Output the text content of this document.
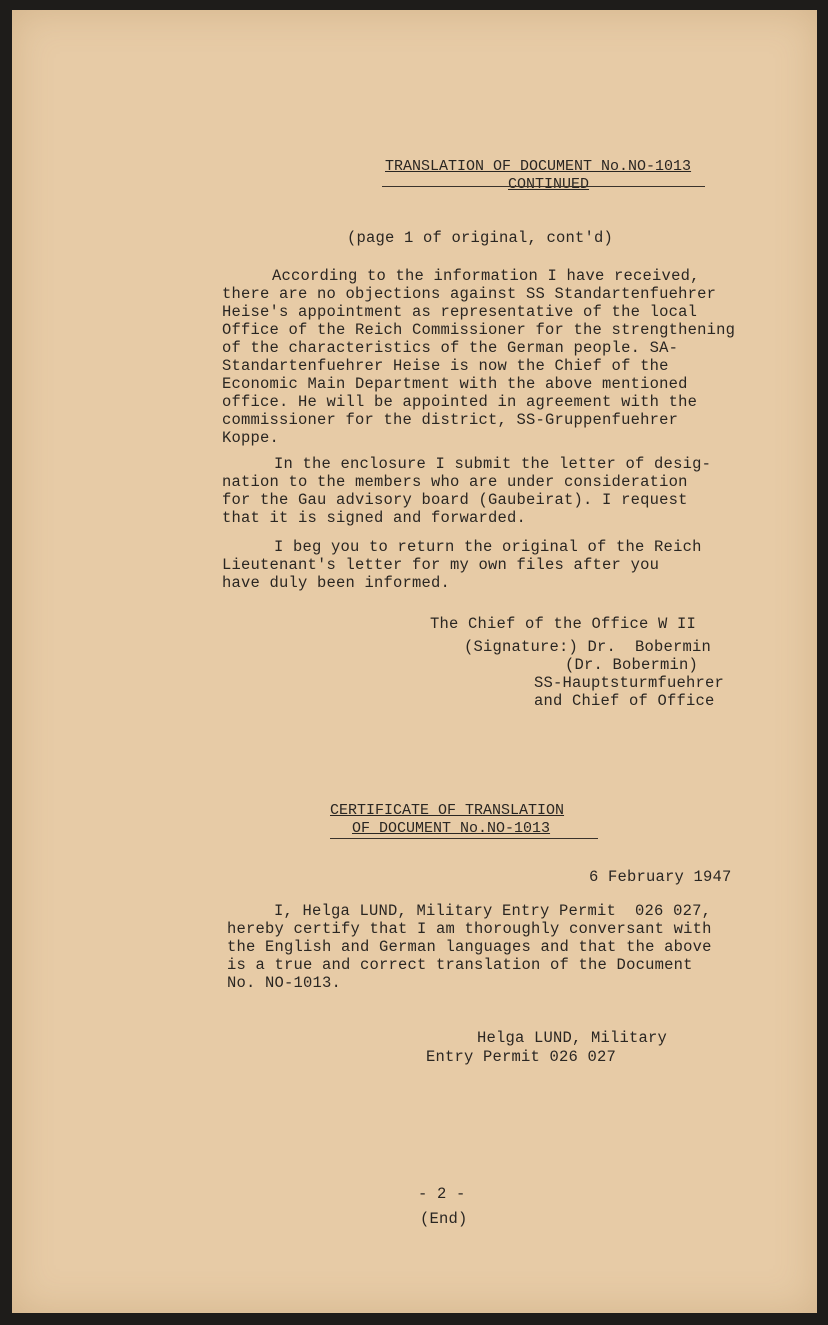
TRANSLATION OF DOCUMENT No.NO-1013
CONTINUED
(page 1 of original, cont'd)
According to the information I have received,
there are no objections against SS Standartenfuehrer
Heise's appointment as representative of the local
Office of the Reich Commissioner for the strengthening
of the characteristics of the German people. SA-
Standartenfuehrer Heise is now the Chief of the
Economic Main Department with the above mentioned
office. He will be appointed in agreement with the
commissioner for the district, SS-Gruppenfuehrer
Koppe.
In the enclosure I submit the letter of desig-
nation to the members who are under consideration
for the Gau advisory board (Gaubeirat). I request
that it is signed and forwarded.
I beg you to return the original of the Reich
Lieutenant's letter for my own files after you
have duly been informed.
The Chief of the Office W II
(Signature:) Dr.  Bobermin
(Dr. Bobermin)
SS-Hauptsturmfuehrer
and Chief of Office
CERTIFICATE OF TRANSLATION
OF DOCUMENT No.NO-1013
6 February 1947
I, Helga LUND, Military Entry Permit  026 027,
hereby certify that I am thoroughly conversant with
the English and German languages and that the above
is a true and correct translation of the Document
No. NO-1013.
Helga LUND, Military
Entry Permit 026 027
- 2 -
(End)
